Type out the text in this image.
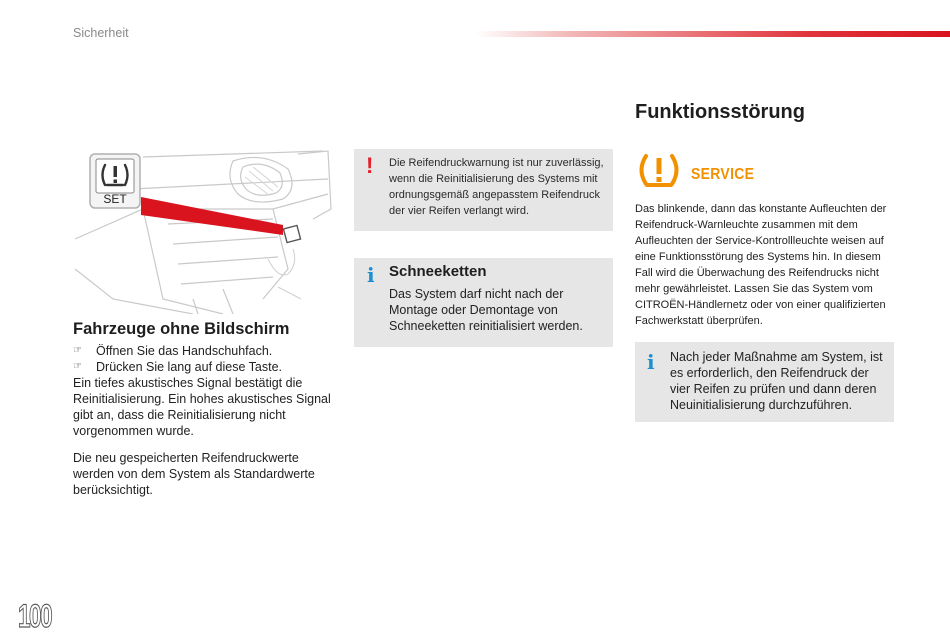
Sicherheit
SET
Fahrzeuge ohne Bildschirm
☞ Öffnen Sie das Handschuhfach.
☞ Drücken Sie lang auf diese Taste.
Ein tiefes akustisches Signal bestätigt die Reinitialisierung. Ein hohes akustisches Signal gibt an, dass die Reinitialisierung nicht vorgenommen wurde.
Die neu gespeicherten Reifendruckwerte werden von dem System als Standardwerte berücksichtigt.
! Die Reifendruckwarnung ist nur zuverlässig, wenn die Reinitialisierung des Systems mit ordnungsgemäß angepasstem Reifendruck der vier Reifen verlangt wird.
i Schneeketten
Das System darf nicht nach der Montage oder Demontage von Schneeketten reinitialisiert werden.
Funktionsstörung
SERVICE
Das blinkende, dann das konstante Aufleuchten der Reifendruck-Warnleuchte zusammen mit dem Aufleuchten der Service-Kontrollleuchte weisen auf eine Funktionsstörung des Systems hin. In diesem Fall wird die Überwachung des Reifendrucks nicht mehr gewährleistet. Lassen Sie das System vom CITROËN-Händlernetz oder von einer qualifizierten Fachwerkstatt überprüfen.
i Nach jeder Maßnahme am System, ist es erforderlich, den Reifendruck der vier Reifen zu prüfen und dann deren Neuinitialisierung durchzuführen.
100
